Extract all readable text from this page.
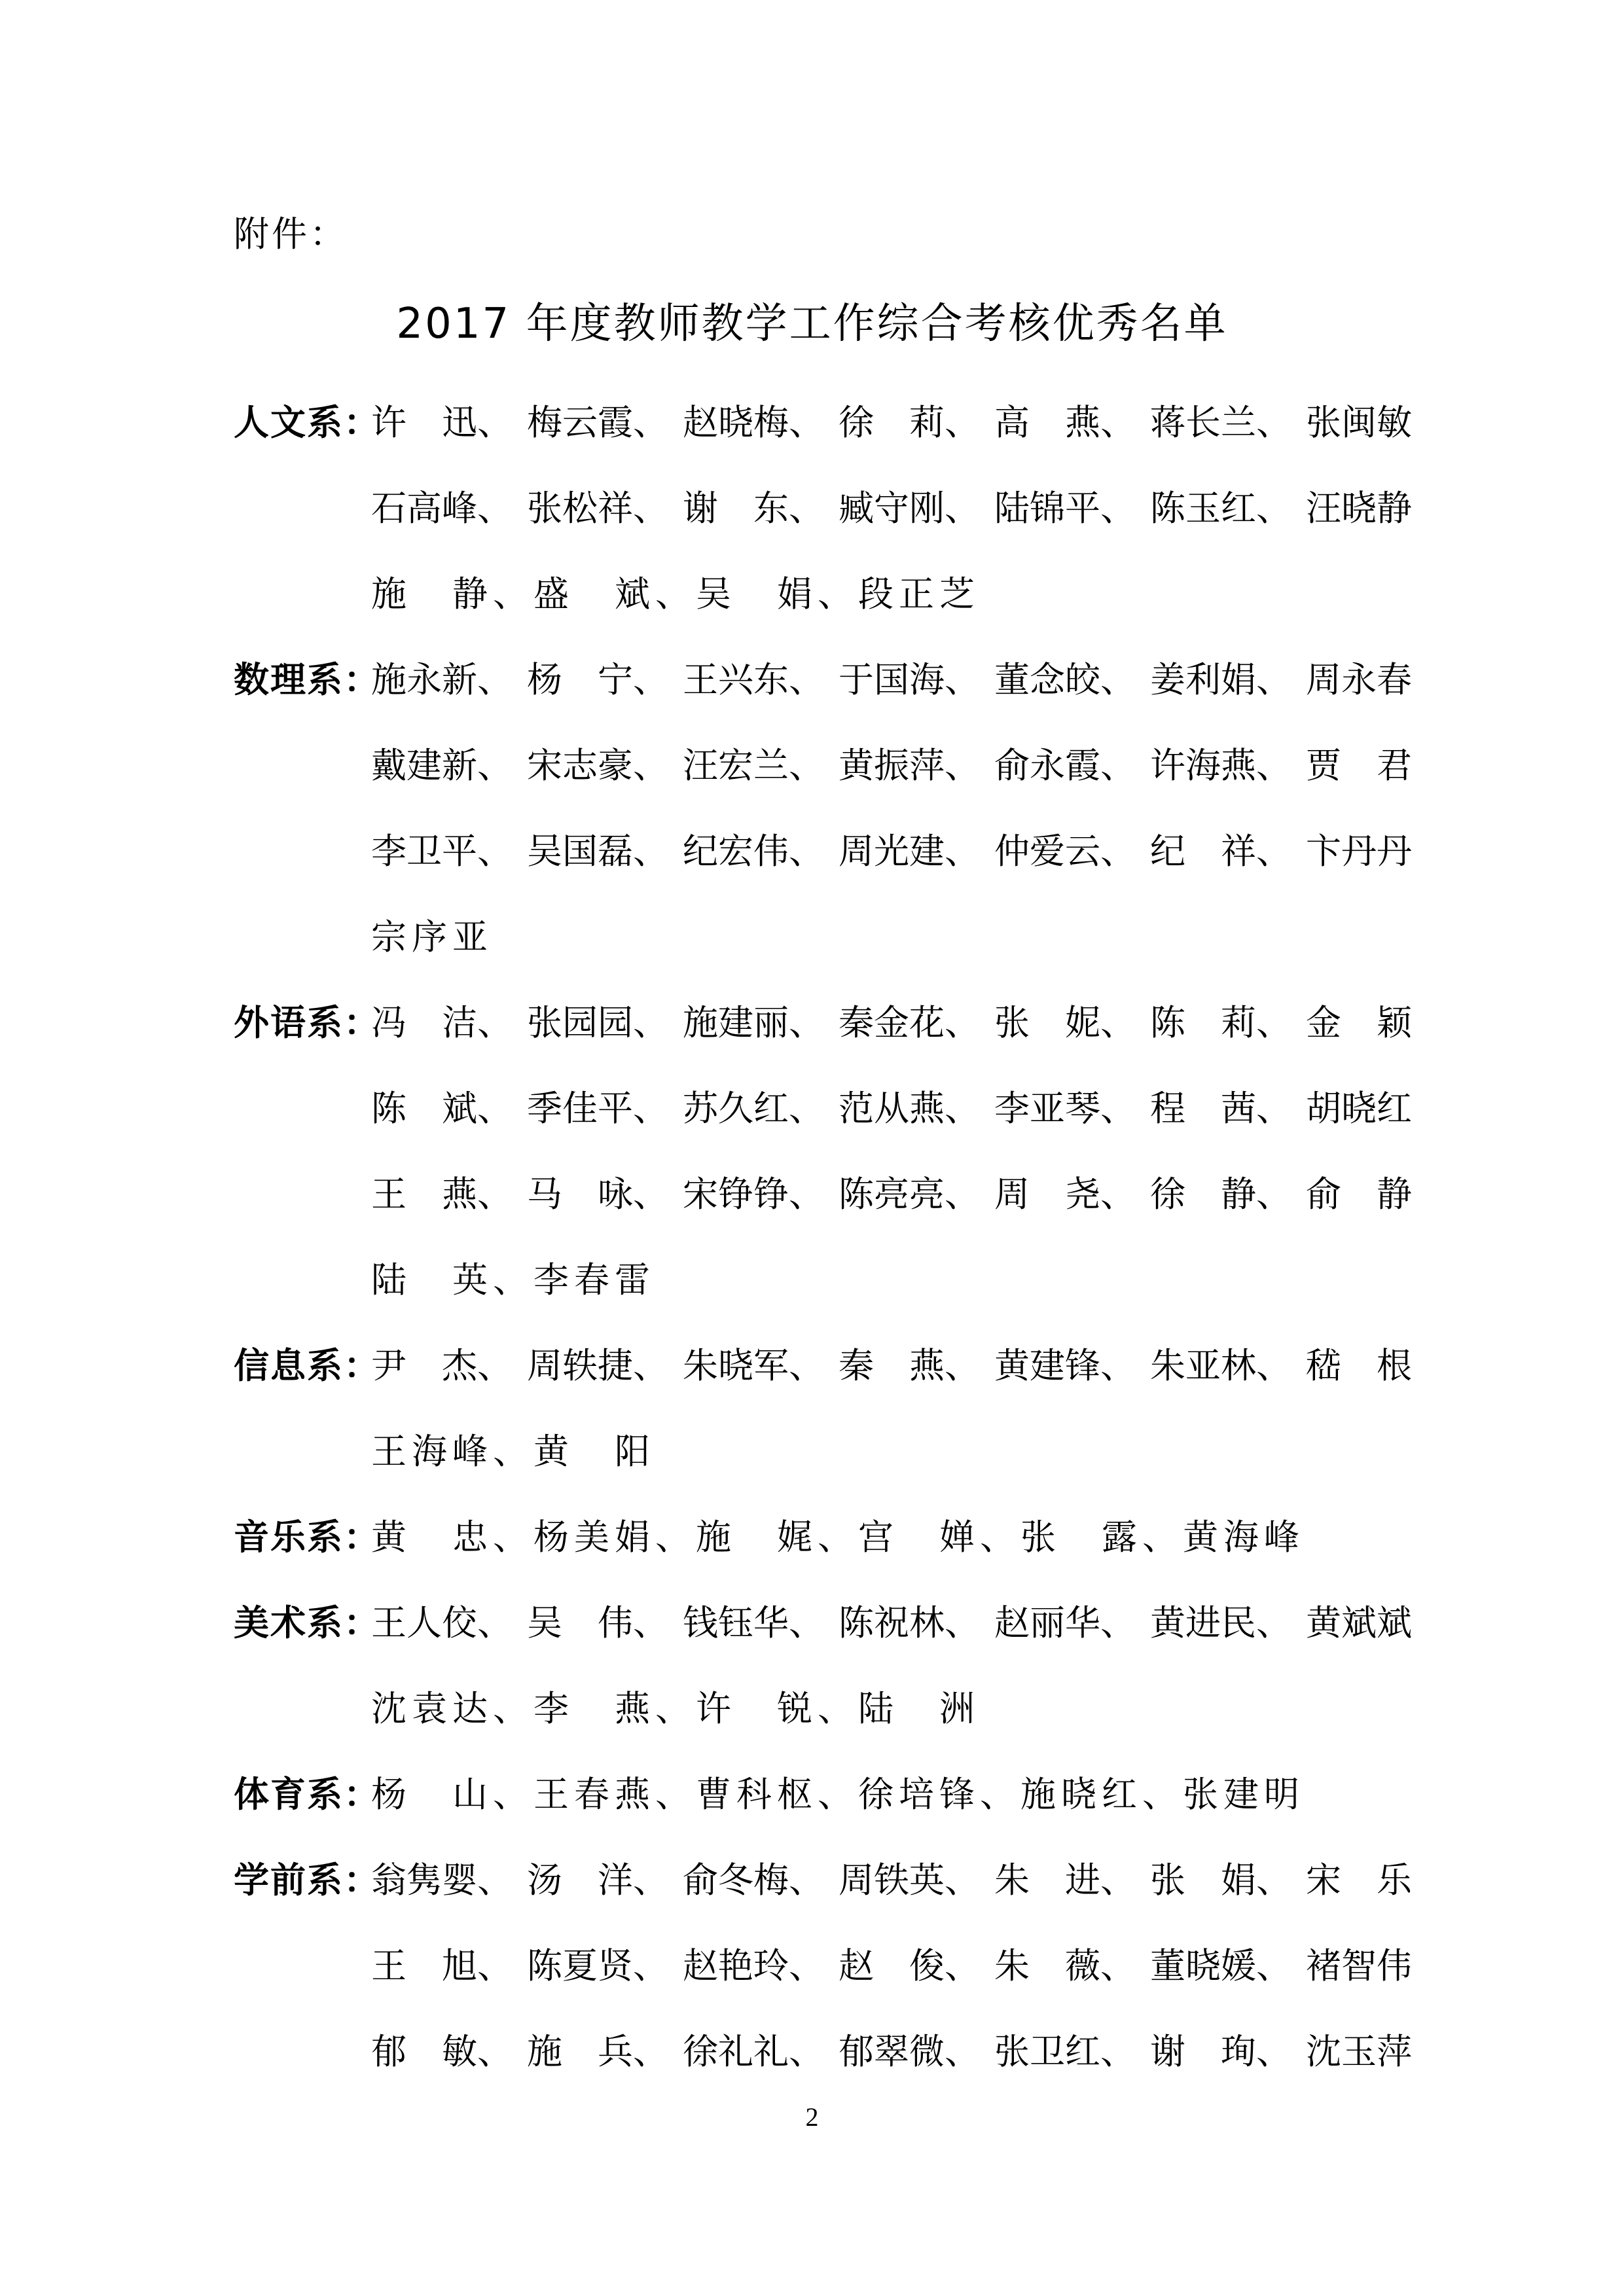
附件：
2017 年度教师教学工作综合考核优秀名单
人文系：
许　迅、 梅云霞、 赵晓梅、 徐　莉、 高　燕、 蒋长兰、 张闽敏
石高峰、 张松祥、 谢　东、 臧守刚、 陆锦平、 陈玉红、 汪晓静
施　静、盛　斌、吴　娟、段正芝
数理系：
施永新、 杨　宁、 王兴东、 于国海、 董念皎、 姜利娟、 周永春
戴建新、 宋志豪、 汪宏兰、 黄振萍、 俞永霞、 许海燕、 贾　君
李卫平、 吴国磊、 纪宏伟、 周光建、 仲爱云、 纪　祥、 卞丹丹
宗序亚
外语系：
冯　洁、 张园园、 施建丽、 秦金花、 张　妮、 陈　莉、 金　颖
陈　斌、 季佳平、 苏久红、 范从燕、 李亚琴、 程　茜、 胡晓红
王　燕、 马　咏、 宋铮铮、 陈亮亮、 周　尧、 徐　静、 俞　静
陆　英、李春雷
信息系：
尹　杰、 周轶捷、 朱晓军、 秦　燕、 黄建锋、 朱亚林、 嵇　根
王海峰、黄　阳
音乐系：
黄　忠、杨美娟、施　娓、宫　婵、张　露、黄海峰
美术系：
王人佼、 吴　伟、 钱钰华、 陈祝林、 赵丽华、 黄进民、 黄斌斌
沈袁达、李　燕、许　锐、陆　洲
体育系：
杨　山、王春燕、曹科枢、徐培锋、施晓红、张建明
学前系：
翁隽婴、 汤　洋、 俞冬梅、 周铁英、 朱　进、 张　娟、 宋　乐
王　旭、 陈夏贤、 赵艳玲、 赵　俊、 朱　薇、 董晓媛、 褚智伟
郁　敏、 施　兵、 徐礼礼、 郁翠微、 张卫红、 谢　珣、 沈玉萍
2
